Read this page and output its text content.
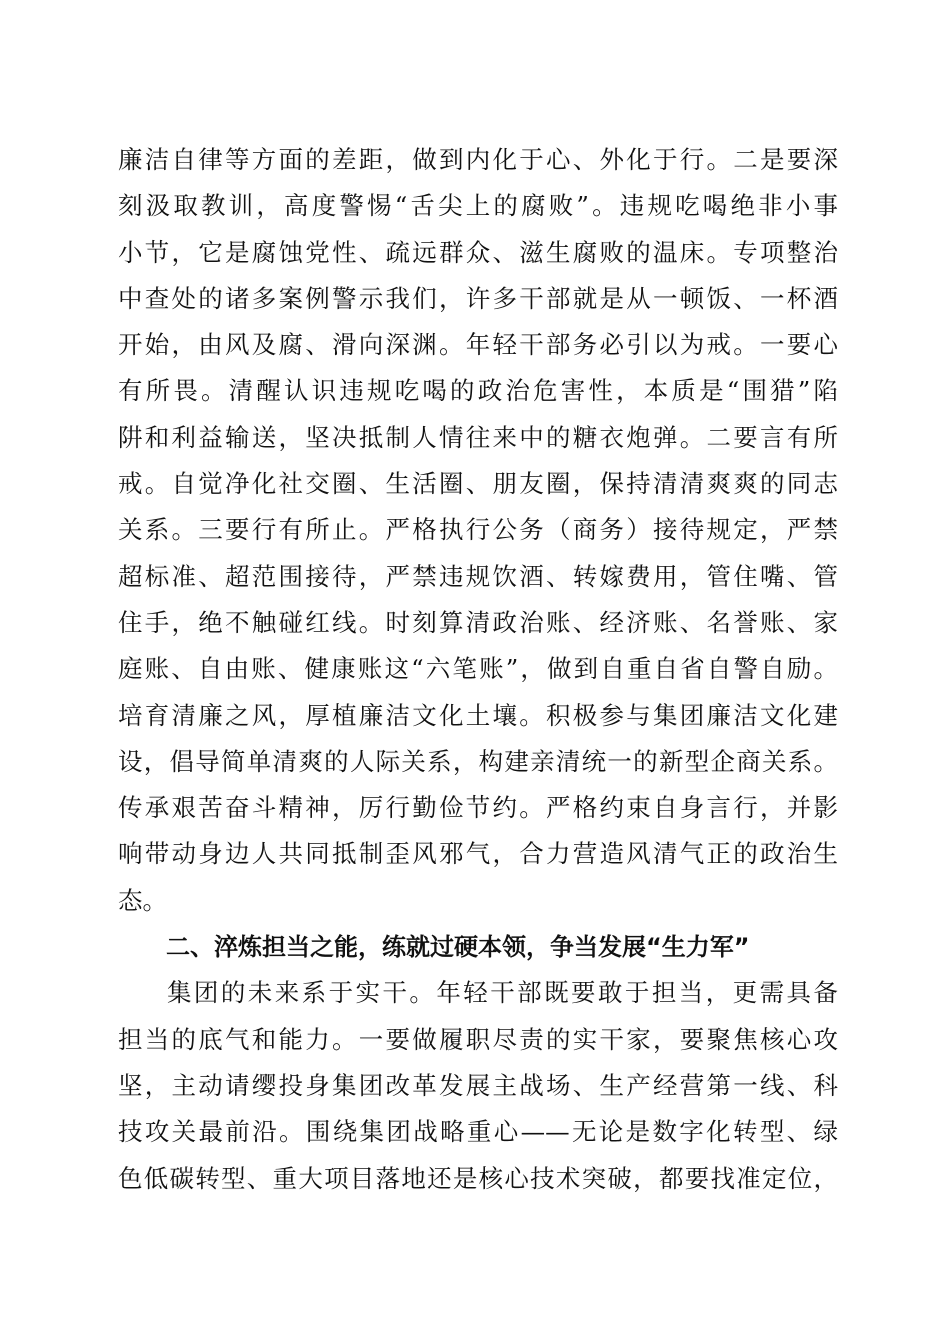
廉洁自律等方面的差距，做到内化于心、外化于行。二是要深
刻汲取教训，高度警惕“舌尖上的腐败”。违规吃喝绝非小事
小节，它是腐蚀党性、疏远群众、滋生腐败的温床。专项整治
中查处的诸多案例警示我们，许多干部就是从一顿饭、一杯酒
开始，由风及腐、滑向深渊。年轻干部务必引以为戒。一要心
有所畏。清醒认识违规吃喝的政治危害性，本质是“围猎”陷
阱和利益输送，坚决抵制人情往来中的糖衣炮弹。二要言有所
戒。自觉净化社交圈、生活圈、朋友圈，保持清清爽爽的同志
关系。三要行有所止。严格执行公务（商务）接待规定，严禁
超标准、超范围接待，严禁违规饮酒、转嫁费用，管住嘴、管
住手，绝不触碰红线。时刻算清政治账、经济账、名誉账、家
庭账、自由账、健康账这“六笔账”，做到自重自省自警自励。
培育清廉之风，厚植廉洁文化土壤。积极参与集团廉洁文化建
设，倡导简单清爽的人际关系，构建亲清统一的新型企商关系。
传承艰苦奋斗精神，厉行勤俭节约。严格约束自身言行，并影
响带动身边人共同抵制歪风邪气，合力营造风清气正的政治生
态。
二、淬炼担当之能，练就过硬本领，争当发展“生力军”
集团的未来系于实干。年轻干部既要敢于担当，更需具备
担当的底气和能力。一要做履职尽责的实干家，要聚焦核心攻
坚，主动请缨投身集团改革发展主战场、生产经营第一线、科
技攻关最前沿。围绕集团战略重心——无论是数字化转型、绿
色低碳转型、重大项目落地还是核心技术突破，都要找准定位，
